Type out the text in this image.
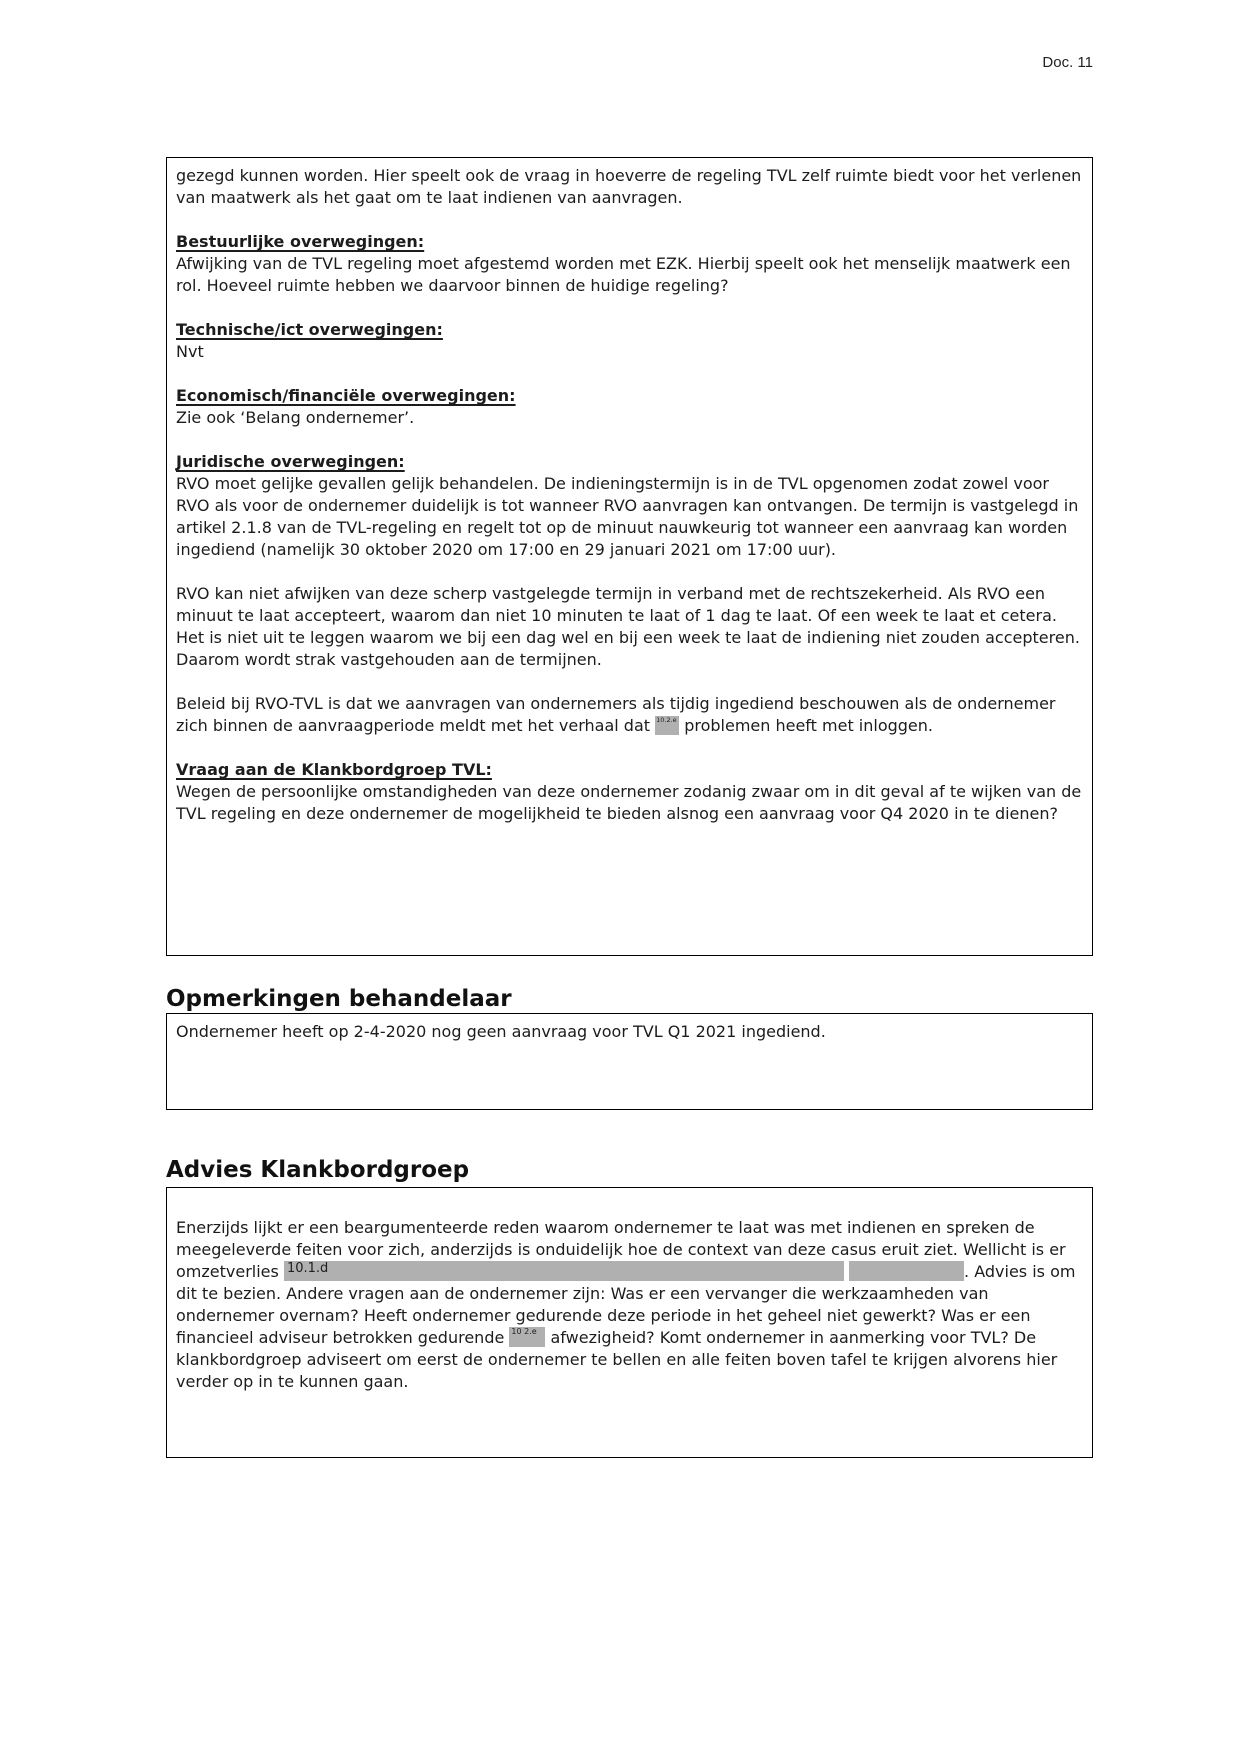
Doc. 11

gezegd kunnen worden. Hier speelt ook de vraag in hoeverre de regeling TVL zelf ruimte biedt voor het verlenen van maatwerk als het gaat om te laat indienen van aanvragen.

Bestuurlijke overwegingen:

Afwijking van de TVL regeling moet afgestemd worden met EZK. Hierbij speelt ook het menselijk maatwerk een rol. Hoeveel ruimte hebben we daarvoor binnen de huidige regeling?

Technische/ict overwegingen:

Nvt

Economisch/financiële overwegingen:

Zie ook ‘Belang ondernemer’.

Juridische overwegingen:

RVO moet gelijke gevallen gelijk behandelen. De indieningstermijn is in de TVL opgenomen zodat zowel voor RVO als voor de ondernemer duidelijk is tot wanneer RVO aanvragen kan ontvangen. De termijn is vastgelegd in artikel 2.1.8 van de TVL-regeling en regelt tot op de minuut nauwkeurig tot wanneer een aanvraag kan worden ingediend (namelijk 30 oktober 2020 om 17:00 en 29 januari 2021 om 17:00 uur).

RVO kan niet afwijken van deze scherp vastgelegde termijn in verband met de rechtszekerheid. Als RVO een minuut te laat accepteert, waarom dan niet 10 minuten te laat of 1 dag te laat. Of een week te laat et cetera. Het is niet uit te leggen waarom we bij een dag wel en bij een week te laat de indiening niet zouden accepteren. Daarom wordt strak vastgehouden aan de termijnen.

Beleid bij RVO-TVL is dat we aanvragen van ondernemers als tijdig ingediend beschouwen als de ondernemer zich binnen de aanvraagperiode meldt met het verhaal dat 10.2.e problemen heeft met inloggen.

Vraag aan de Klankbordgroep TVL:

Wegen de persoonlijke omstandigheden van deze ondernemer zodanig zwaar om in dit geval af te wijken van de TVL regeling en deze ondernemer de mogelijkheid te bieden alsnog een aanvraag voor Q4 2020 in te dienen?

Opmerkingen behandelaar

Ondernemer heeft op 2-4-2020 nog geen aanvraag voor TVL Q1 2021 ingediend.

Advies Klankbordgroep

Enerzijds lijkt er een beargumenteerde reden waarom ondernemer te laat was met indienen en spreken de meegeleverde feiten voor zich, anderzijds is onduidelijk hoe de context van deze casus eruit ziet. Wellicht is er omzetverlies 10.1.d	. Advies is om dit te bezien. Andere vragen aan de ondernemer zijn: Was er een vervanger die werkzaamheden van ondernemer overnam? Heeft ondernemer gedurende deze periode in het geheel niet gewerkt? Was er een financieel adviseur betrokken gedurende 10 2.e afwezigheid? Komt ondernemer in aanmerking voor TVL? De klankbordgroep adviseert om eerst de ondernemer te bellen en alle feiten boven tafel te krijgen alvorens hier verder op in te kunnen gaan.
